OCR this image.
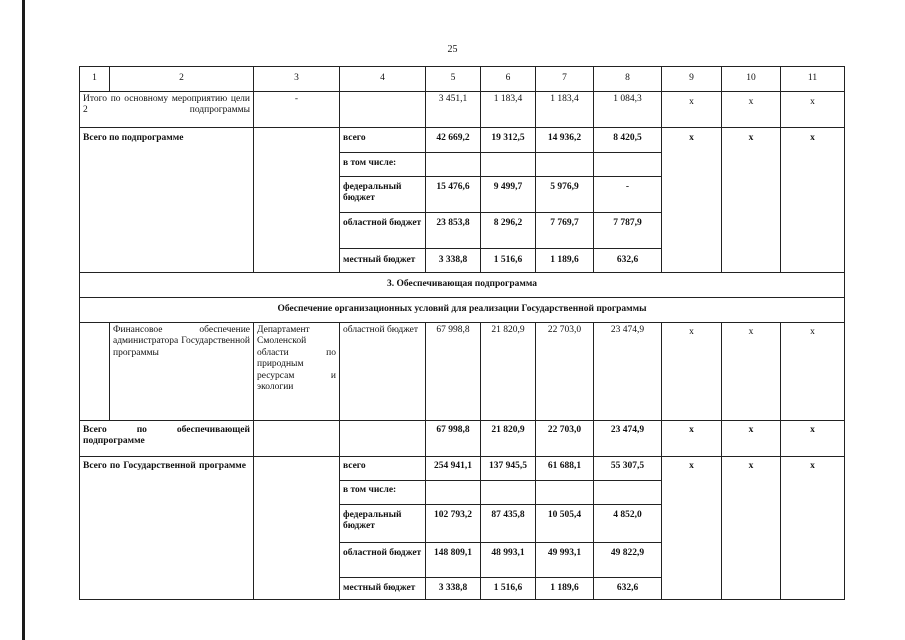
25
1	2	3	4	5	6	7	8	9	10	11
Итого по основному мероприятию цели 2 подпрограммы		-		3 451,1	1 183,4	1 183,4	1 084,3	х	х	х
Всего по подпрограмме			всего	42 669,2	19 312,5	14 936,2	8 420,5	х	х	х
			в том числе:							
			федеральный бюджет	15 476,6	9 499,7	5 976,9	-			
			областной бюджет	23 853,8	8 296,2	7 769,7	7 787,9			
			местный бюджет	3 338,8	1 516,6	1 189,6	632,6			
3. Обеспечивающая подпрограмма										
Обеспечение организационных условий для реализации Государственной программы										
	Финансовое обеспечение администратора Государственной программы	Департамент Смоленской области по природным ресурсам и экологии	областной бюджет	67 998,8	21 820,9	22 703,0	23 474,9	х	х	х
Всего по обеспечивающей подпрограмме				67 998,8	21 820,9	22 703,0	23 474,9	х	х	х

Всего по Государственной программе			всего	254 941,1	137 945,5	61 688,1	55 307,5	х	х	х
			в том числе:							
			федеральный бюджет	102 793,2	87 435,8	10 505,4	4 852,0			
			областной бюджет	148 809,1	48 993,1	49 993,1	49 822,9			
			местный бюджет	3 338,8	1 516,6	1 189,6	632,6			
